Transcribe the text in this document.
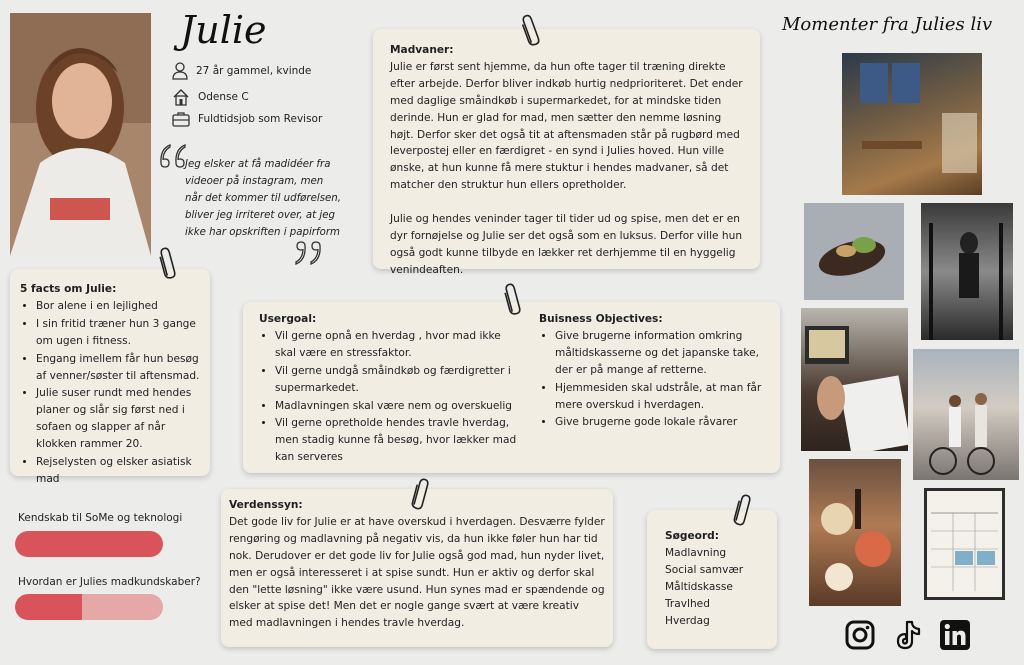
Julie
27 år gammel, kvinde
Odense C
Fuldtidsjob som Revisor
Jeg elsker at få madidéer fra videoer på instagram, men når det kommer til udførelsen, bliver jeg irriteret over, at jeg ikke har opskriften i papirform
5 facts om Julie:
• Bor alene i en lejlighed
• I sin fritid træner hun 3 gange om ugen i fitness.
• Engang imellem får hun besøg af venner/søster til aftensmad.
• Julie suser rundt med hendes planer og slår sig først ned i sofaen og slapper af når klokken rammer 20.
• Rejselysten og elsker asiatisk mad
Kendskab til SoMe og teknologi
Hvordan er Julies madkundskaber?
Madvaner:

Julie er først sent hjemme, da hun ofte tager til træning direkte efter arbejde. Derfor bliver indkøb hurtig nedprioriteret. Det ender med daglige småindkøb i supermarkedet, for at mindske tiden derinde. Hun er glad for mad, men sætter den nemme løsning højt. Derfor sker det også tit at aftensmaden står på rugbørd med leverpostej eller en færdigret - en synd i Julies hoved. Hun ville ønske, at hun kunne få mere stuktur i hendes madvaner, så det matcher den struktur hun ellers opretholder.

Julie og hendes veninder tager til tider ud og spise, men det er en dyr fornøjelse og Julie ser det også som en luksus. Derfor ville hun også godt kunne tilbyde en lækker ret derhjemme til en hyggelig venindeaften.

Usergoal:
• Vil gerne opnå en hverdag , hvor mad ikke skal være en stressfaktor.
• Vil gerne undgå småindkøb og færdigretter i supermarkedet.
• Madlavningen skal være nem og overskuelig
• Vil gerne opretholde hendes travle hverdag, men stadig kunne få besøg, hvor lækker mad kan serveres
Buisness Objectives:
• Give brugerne information omkring måltidskasserne og det japanske take, der er på mange af retterne.
• Hjemmesiden skal udstråle, at man får mere overskud i hverdagen.
• Give brugerne gode lokale råvarer
Verdenssyn:

Det gode liv for Julie er at have overskud i hverdagen. Desværre fylder rengøring og madlavning på negativ vis, da hun ikke føler hun har tid nok. Derudover er det gode liv for Julie også god mad, hun nyder livet, men er også interesseret i at spise sundt. Hun er aktiv og derfor skal den "lette løsning" ikke være usund. Hun synes mad er spændende og elsker at spise det! Men det er nogle gange svært at være kreativ med madlavningen i hendes travle hverdag.

Søgeord:
Madlavning
Social samvær
Måltidskasse
Travlhed
Hverdag
Momenter fra Julies liv
